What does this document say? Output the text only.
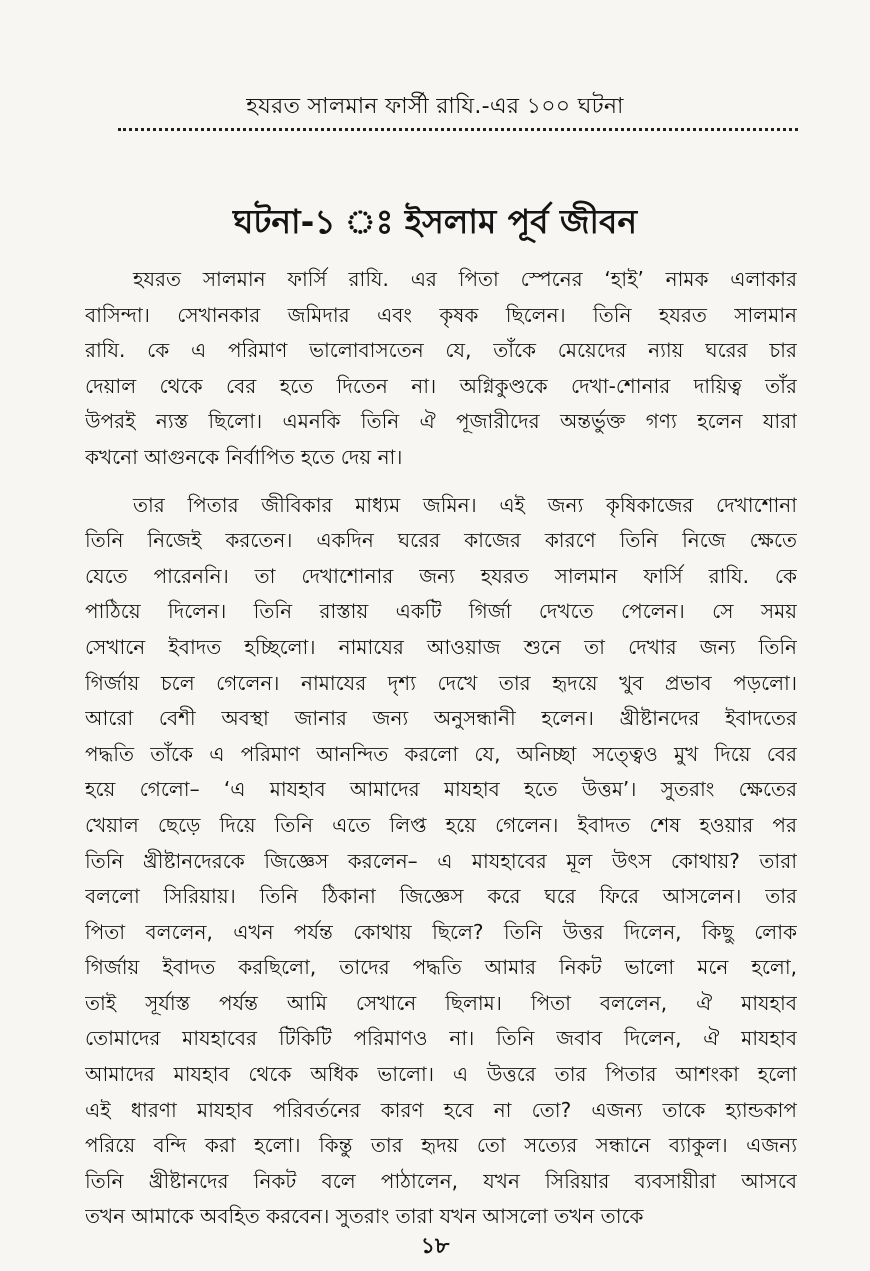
হযরত সালমান ফার্সী রাযি.-এর ১০০ ঘটনা
ঘটনা-১ ঃ ইসলাম পূর্ব জীবন
হযরত সালমান ফার্সি রাযি. এর পিতা স্পেনের ‘হাই’ নামক এলাকার
বাসিন্দা। সেখানকার জমিদার এবং কৃষক ছিলেন। তিনি হযরত সালমান
রাযি. কে এ পরিমাণ ভালোবাসতেন যে, তাঁকে মেয়েদের ন্যায় ঘরের চার
দেয়াল থেকে বের হতে দিতেন না। অগ্নিকুণ্ডকে দেখা-শোনার দায়িত্ব তাঁর
উপরই ন্যস্ত ছিলো। এমনকি তিনি ঐ পূজারীদের অন্তর্ভুক্ত গণ্য হলেন যারা
কখনো আগুনকে নির্বাপিত হতে দেয় না।
তার পিতার জীবিকার মাধ্যম জমিন। এই জন্য কৃষিকাজের দেখাশোনা
তিনি নিজেই করতেন। একদিন ঘরের কাজের কারণে তিনি নিজে ক্ষেতে
যেতে পারেননি। তা দেখাশোনার জন্য হযরত সালমান ফার্সি রাযি. কে
পাঠিয়ে দিলেন। তিনি রাস্তায় একটি গির্জা দেখতে পেলেন। সে সময়
সেখানে ইবাদত হচ্ছিলো। নামাযের আওয়াজ শুনে তা দেখার জন্য তিনি
গির্জায় চলে গেলেন। নামাযের দৃশ্য দেখে তার হৃদয়ে খুব প্রভাব পড়লো।
আরো বেশী অবস্থা জানার জন্য অনুসন্ধানী হলেন। খ্রীষ্টানদের ইবাদতের
পদ্ধতি তাঁকে এ পরিমাণ আনন্দিত করলো যে, অনিচ্ছা সত্ত্বেও মুখ দিয়ে বের
হয়ে গেলো– ‘এ মাযহাব আমাদের মাযহাব হতে উত্তম’। সুতরাং ক্ষেতের
খেয়াল ছেড়ে দিয়ে তিনি এতে লিপ্ত হয়ে গেলেন। ইবাদত শেষ হওয়ার পর
তিনি খ্রীষ্টানদেরকে জিজ্ঞেস করলেন– এ মাযহাবের মূল উৎস কোথায়? তারা
বললো সিরিয়ায়। তিনি ঠিকানা জিজ্ঞেস করে ঘরে ফিরে আসলেন। তার
পিতা বললেন, এখন পর্যন্ত কোথায় ছিলে? তিনি উত্তর দিলেন, কিছু লোক
গির্জায় ইবাদত করছিলো, তাদের পদ্ধতি আমার নিকট ভালো মনে হলো,
তাই সূর্যাস্ত পর্যন্ত আমি সেখানে ছিলাম। পিতা বললেন, ঐ মাযহাব
তোমাদের মাযহাবের টিকিটি পরিমাণও না। তিনি জবাব দিলেন, ঐ মাযহাব
আমাদের মাযহাব থেকে অধিক ভালো। এ উত্তরে তার পিতার আশংকা হলো
এই ধারণা মাযহাব পরিবর্তনের কারণ হবে না তো? এজন্য তাকে হ্যান্ডকাপ
পরিয়ে বন্দি করা হলো। কিন্তু তার হৃদয় তো সত্যের সন্ধানে ব্যাকুল। এজন্য
তিনি খ্রীষ্টানদের নিকট বলে পাঠালেন, যখন সিরিয়ার ব্যবসায়ীরা আসবে
তখন আমাকে অবহিত করবেন। সুতরাং তারা যখন আসলো তখন তাকে
১৮
